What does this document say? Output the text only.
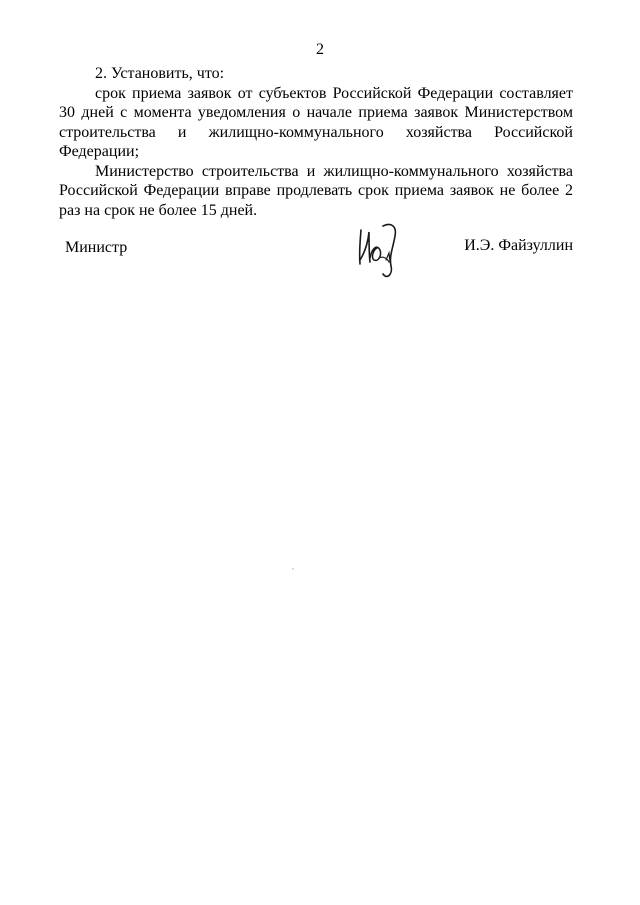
2

2. Установить, что:

срок приема заявок от субъектов Российской Федерации составляет 30 дней с момента уведомления о начале приема заявок Министерством строительства и жилищно-коммунального хозяйства Российской Федерации;

Министерство строительства и жилищно-коммунального хозяйства Российской Федерации вправе продлевать срок приема заявок не более 2 раз на срок не более 15 дней.

Министр	И.Э. Файзуллин
